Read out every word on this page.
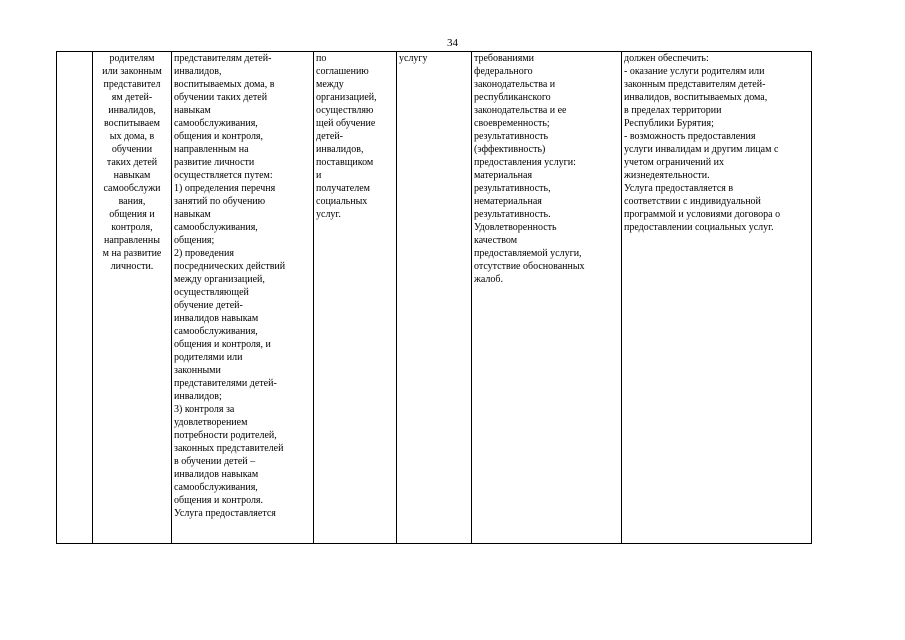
34
	родителям
или законным
представител
ям детей-
инвалидов,
воспитываем
ых дома, в
обучении
таких детей
навыкам
самообслужи
вания,
общения и
контроля,
направленны
м на развитие
личности.	представителям детей-
инвалидов,
воспитываемых дома, в
обучении таких детей
навыкам
самообслуживания,
общения и контроля,
направленным на
развитие личности
осуществляется путем:
1) определения перечня
занятий по обучению
навыкам
самообслуживания,
общения;
2) проведения
посреднических действий
между организацией,
осуществляющей
обучение детей-
инвалидов навыкам
самообслуживания,
общения и контроля, и
родителями или
законными
представителями детей-
инвалидов;
3) контроля за
удовлетворением
потребности родителей,
законных представителей
в обучении детей –
инвалидов навыкам
самообслуживания,
общения и контроля.
Услуга предоставляется	по
соглашению
между
организацией,
осуществляю
щей обучение
детей-
инвалидов,
поставщиком
и
получателем
социальных
услуг.	услугу	требованиями
федерального
законодательства и
республиканского
законодательства и ее
своевременность;
результативность
(эффективность)
предоставления услуги:
материальная
результативность,
нематериальная
результативность.
Удовлетворенность
качеством
предоставляемой услуги,
отсутствие обоснованных
жалоб.	должен обеспечить:
- оказание услуги родителям или
законным представителям детей-
инвалидов, воспитываемых дома,
в пределах территории
Республики Бурятия;
- возможность предоставления
услуги инвалидам и другим лицам с
учетом ограничений их
жизнедеятельности.
Услуга предоставляется в
соответствии с индивидуальной
программой и условиями договора о
предоставлении социальных услуг.
